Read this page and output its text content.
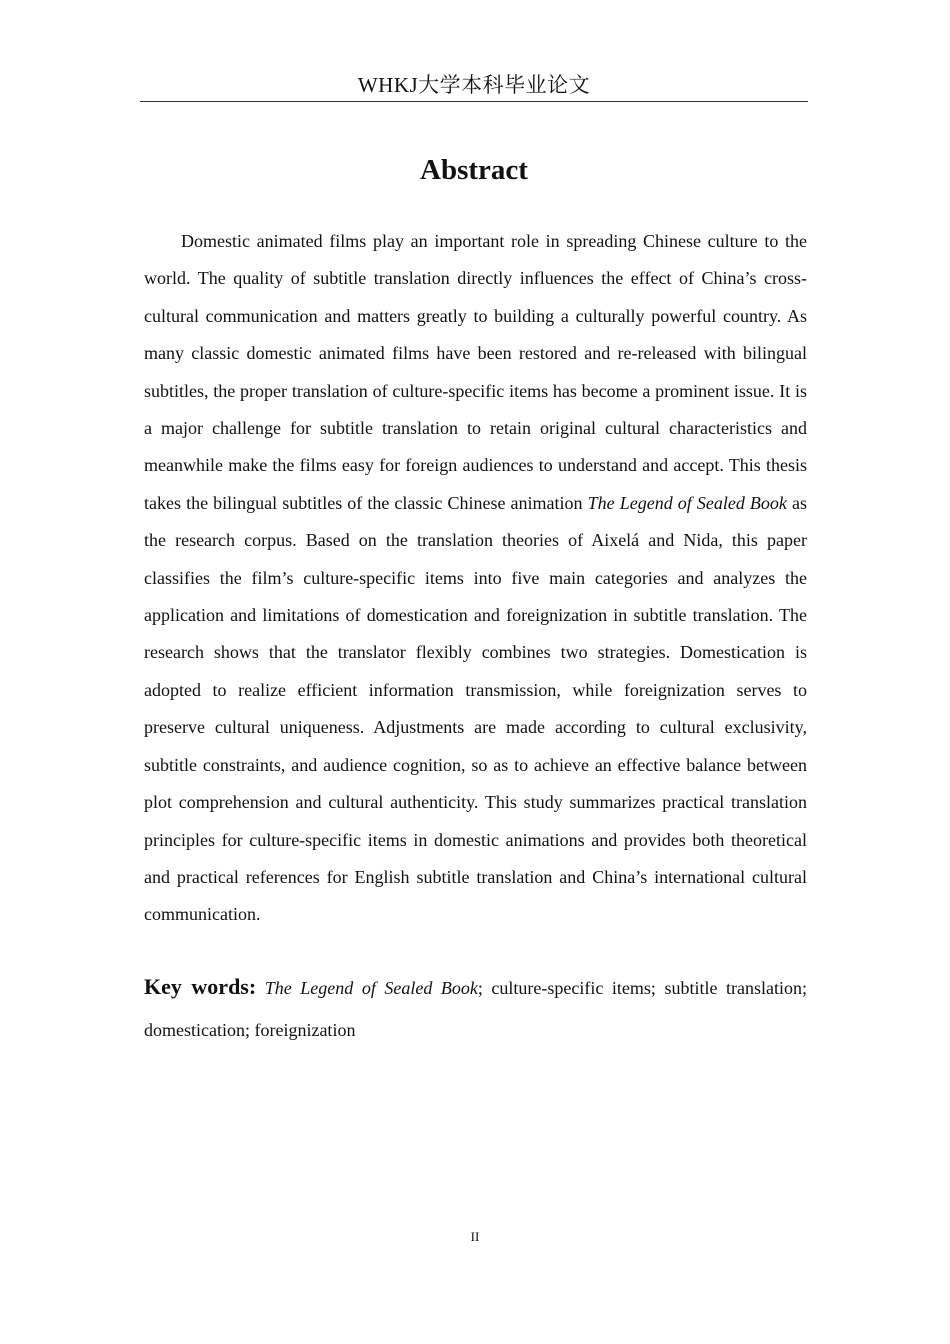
WHKJ大学本科毕业论文
Abstract

Domestic animated films play an important role in spreading Chinese culture to the world. The quality of subtitle translation directly influences the effect of China’s cross-cultural communication and matters greatly to building a culturally powerful country. As many classic domestic animated films have been restored and re-released with bilingual subtitles, the proper translation of culture-specific items has become a prominent issue. It is a major challenge for subtitle translation to retain original cultural characteristics and meanwhile make the films easy for foreign audiences to understand and accept. This thesis takes the bilingual subtitles of the classic Chinese animation The Legend of Sealed Book as the research corpus. Based on the translation theories of Aixelá and Nida, this paper classifies the film’s culture-specific items into five main categories and analyzes the application and limitations of domestication and foreignization in subtitle translation. The research shows that the translator flexibly combines two strategies. Domestication is adopted to realize efficient information transmission, while foreignization serves to preserve cultural uniqueness. Adjustments are made according to cultural exclusivity, subtitle constraints, and audience cognition, so as to achieve an effective balance between plot comprehension and cultural authenticity. This study summarizes practical translation principles for culture-specific items in domestic animations and provides both theoretical and practical references for English subtitle translation and China’s international cultural communication.

Key words: The Legend of Sealed Book; culture-specific items; subtitle translation; domestication; foreignization

II
